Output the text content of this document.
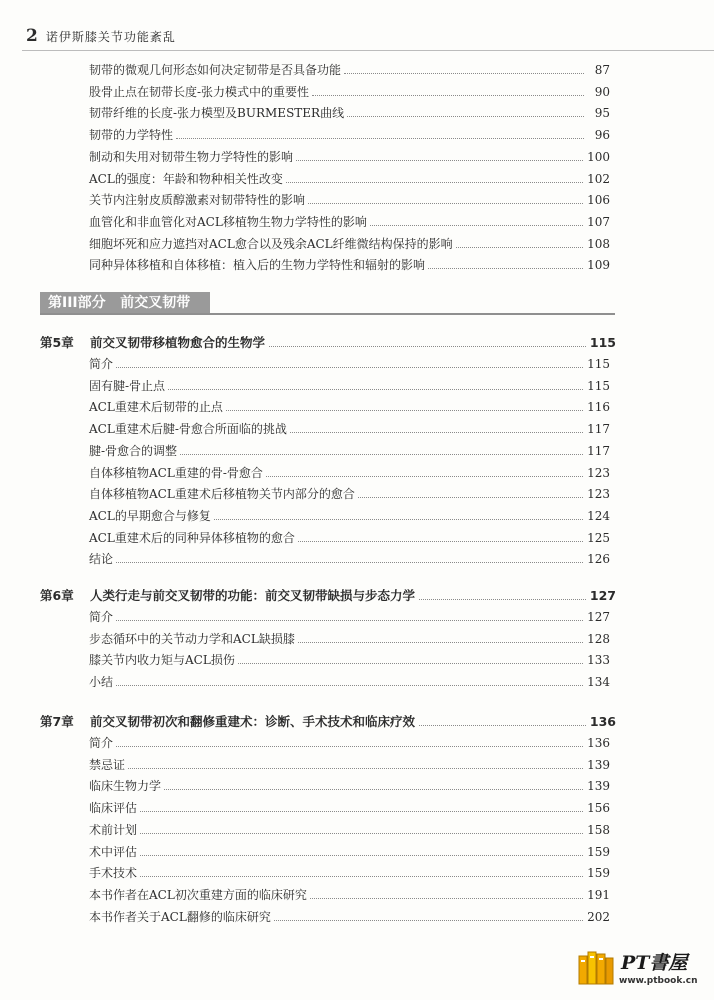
2 诺伊斯膝关节功能紊乱
韧带的微观几何形态如何决定韧带是否具备功能	87
股骨止点在韧带长度-张力模式中的重要性	90
韧带纤维的长度-张力模型及BURMESTER曲线	95
韧带的力学特性	96
制动和失用对韧带生物力学特性的影响	100
ACL的强度：年龄和物种相关性改变	102
关节内注射皮质醇激素对韧带特性的影响	106
血管化和非血管化对ACL移植物生物力学特性的影响	107
细胞坏死和应力遮挡对ACL愈合以及残余ACL纤维微结构保持的影响	108
同种异体移植和自体移植：植入后的生物力学特性和辐射的影响	109
第5章	前交叉韧带移植物愈合的生物学	115
简介	115
固有腱-骨止点	115
ACL重建术后韧带的止点	116
ACL重建术后腱-骨愈合所面临的挑战	117
腱-骨愈合的调整	117
自体移植物ACL重建的骨-骨愈合	123
自体移植物ACL重建术后移植物关节内部分的愈合	123
ACL的早期愈合与修复	124
ACL重建术后的同种异体移植物的愈合	125
结论	126
第6章	人类行走与前交叉韧带的功能：前交叉韧带缺损与步态力学	127
简介	127
步态循环中的关节动力学和ACL缺损膝	128
膝关节内收力矩与ACL损伤	133
小结	134
第7章	前交叉韧带初次和翻修重建术：诊断、手术技术和临床疗效	136
简介	136
禁忌证	139
临床生物力学	139
临床评估	156
术前计划	158
术中评估	159
手术技术	159
本书作者在ACL初次重建方面的临床研究	191
本书作者关于ACL翻修的临床研究	202
第III部分 前交叉韧带
PT書屋
www.ptbook.cn
